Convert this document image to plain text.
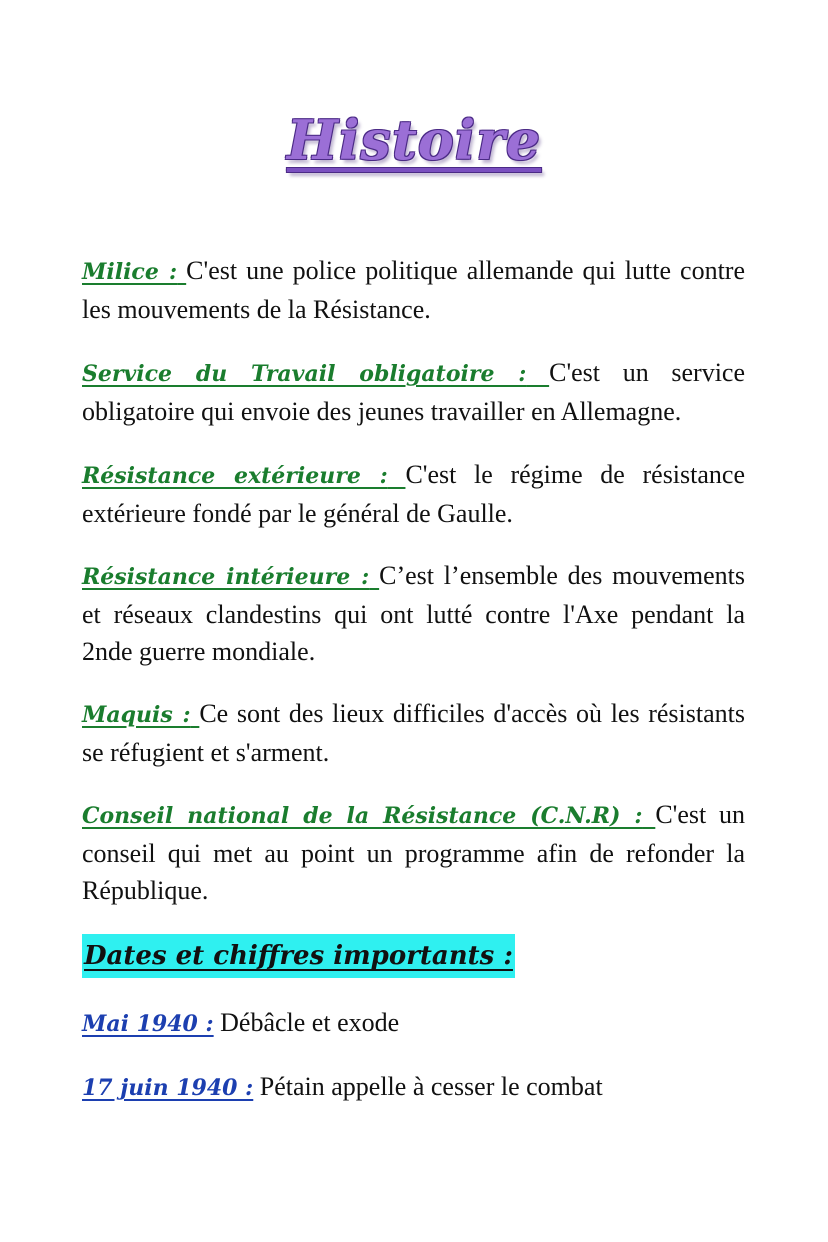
Histoire

Milice : C'est une police politique allemande qui lutte contre les mouvements de la Résistance.

Service du Travail obligatoire : C'est un service obligatoire qui envoie des jeunes travailler en Allemagne.

Résistance extérieure : C'est le régime de résistance extérieure fondé par le général de Gaulle.

Résistance intérieure : C’est l’ensemble des mouvements et réseaux clandestins qui ont lutté contre l'Axe pendant la 2nde guerre mondiale.

Maquis : Ce sont des lieux difficiles d'accès où les résistants se réfugient et s'arment.

Conseil national de la Résistance (C.N.R) : C'est un conseil qui met au point un programme afin de refonder la République.

Dates et chiffres importants :
Mai 1940 : Débâcle et exode
17 juin 1940 : Pétain appelle à cesser le combat
